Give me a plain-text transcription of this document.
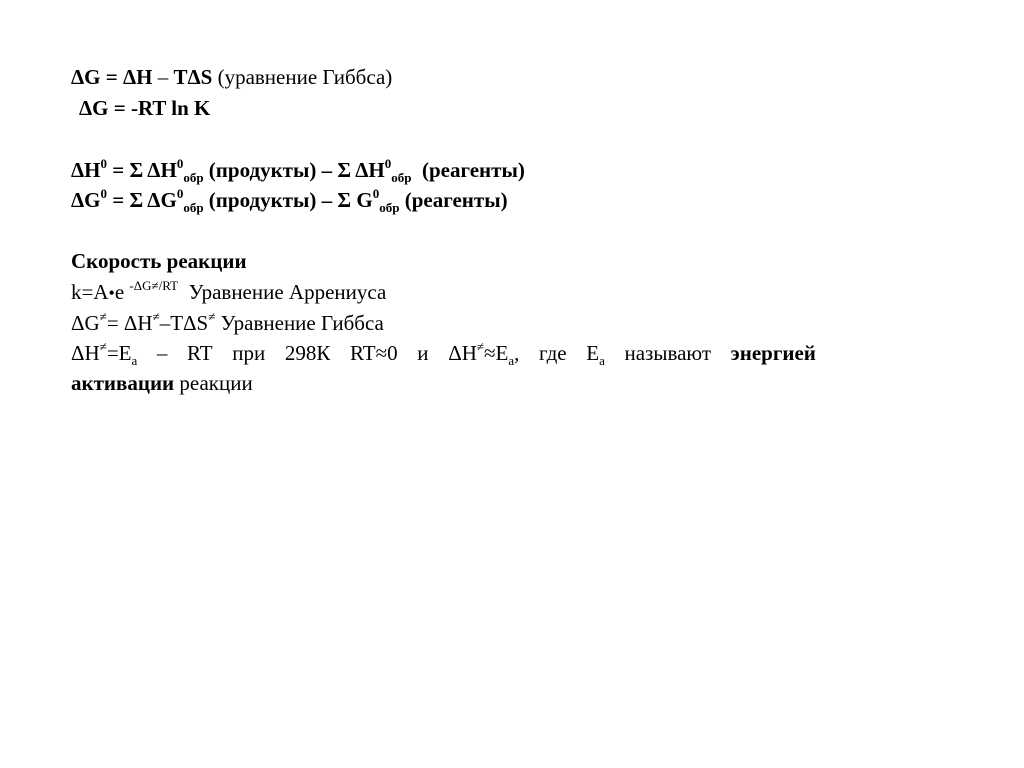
ΔG = ΔH – TΔS (уравнение Гиббса)
ΔG = -RT ln K
$\Delta H^0 = \Sigma$ $\Delta H^0_{обр}$ (продукты) – Σ $\Delta H^0_{обр}$  (реагенты)
$\Delta G^0 = \Sigma$ $\Delta G^0_{обр}$ (продукты) – Σ $G^0_{обр}$ (реагенты)
Скорость реакции
k=A•e $^{-\Delta G\ne/RT}$  Уравнение Аррениуса
ΔG≠= ΔH≠–TΔS≠ Уравнение Гиббса
$\Delta H^\ne=E_a$ – RT при 298К RT≈0 и $\Delta H^\ne\approx E_a$, где $E_a$ называют энергией
активации реакции
